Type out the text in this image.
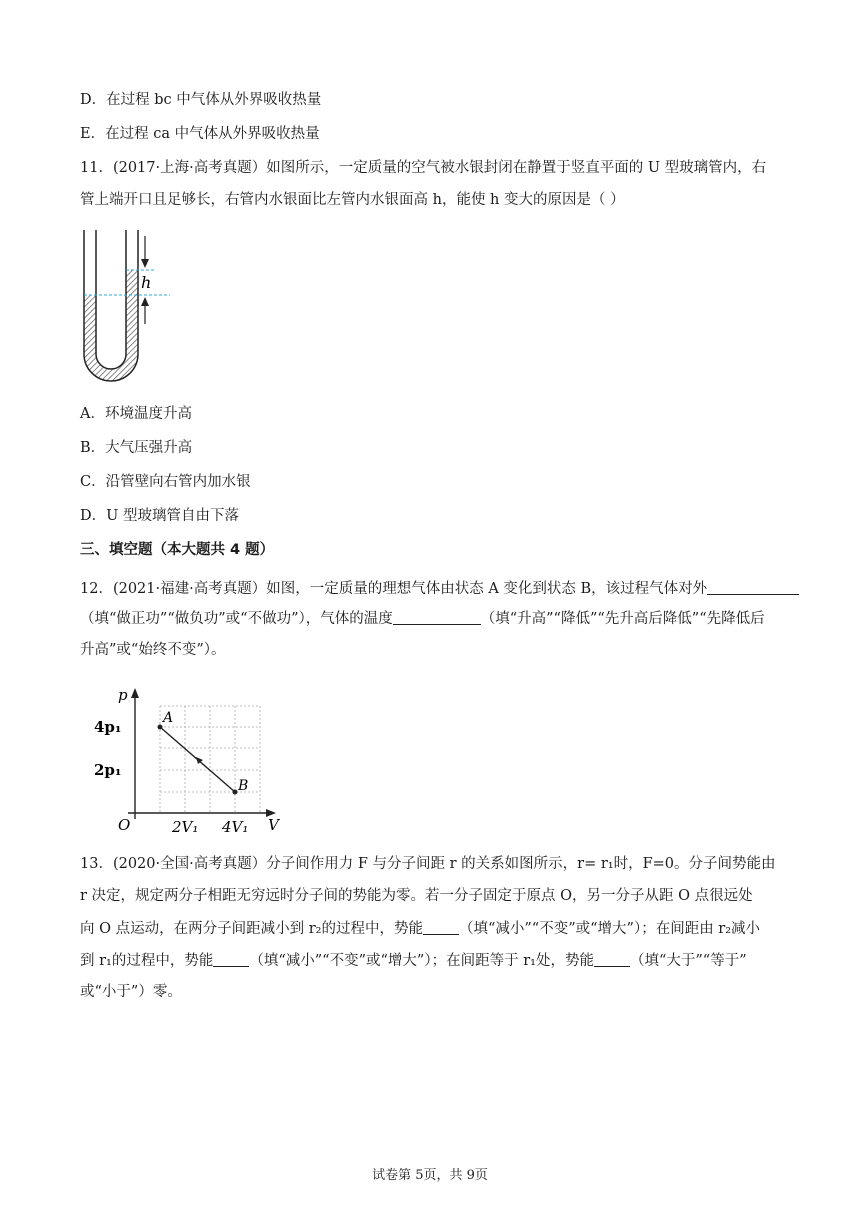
D．在过程 bc 中气体从外界吸收热量
E．在过程 ca 中气体从外界吸收热量
11．(2017·上海·高考真题）如图所示，一定质量的空气被水银封闭在静置于竖直平面的 U 型玻璃管内，右
管上端开口且足够长，右管内水银面比左管内水银面高 h，能使 h 变大的原因是（ ）
h
A．环境温度升高
B．大气压强升高
C．沿管壁向右管内加水银
D．U 型玻璃管自由下落
三、填空题（本大题共 4 题）
12．(2021·福建·高考真题）如图，一定质量的理想气体由状态 A 变化到状态 B，该过程气体对外
（填“做正功”“做负功”或“不做功”），气体的温度	（填“升高”“降低”“先升高后降低”“先降低后
升高”或“始终不变”）。
A
B
p
V
O
4p₁
2p₁
2V₁ 4V₁
13．(2020·全国·高考真题）分子间作用力 F 与分子间距 r 的关系如图所示，r= r₁时，F=0。分子间势能由
r 决定，规定两分子相距无穷远时分子间的势能为零。若一分子固定于原点 O，另一分子从距 O 点很远处
向 O 点运动，在两分子间距减小到 r₂的过程中，势能 （填“减小”“不变”或“增大”）；在间距由 r₂减小
到 r₁的过程中，势能 （填“减小”“不变”或“增大”）；在间距等于 r₁处，势能 （填“大于”“等于”
或“小于”）零。
试卷第 5页，共 9页
